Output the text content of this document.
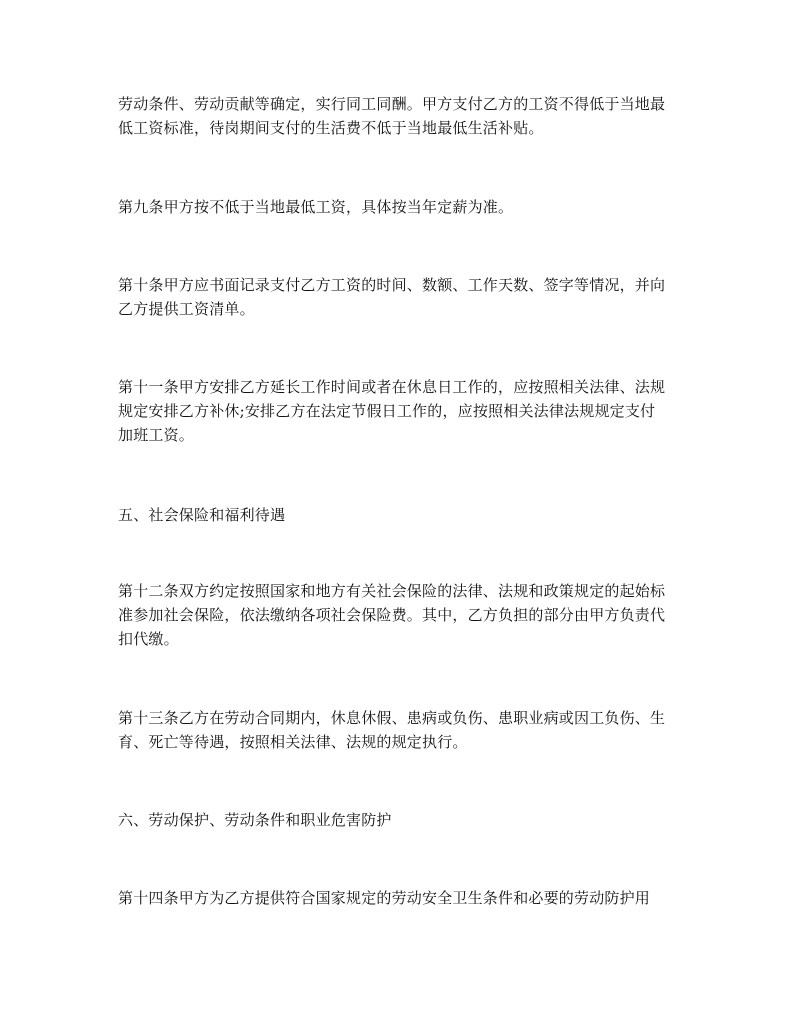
劳动条件、劳动贡献等确定，实行同工同酬。甲方支付乙方的工资不得低于当地最
低工资标准，待岗期间支付的生活费不低于当地最低生活补贴。

第九条甲方按不低于当地最低工资，具体按当年定薪为准。

第十条甲方应书面记录支付乙方工资的时间、数额、工作天数、签字等情况，并向
乙方提供工资清单。

第十一条甲方安排乙方延长工作时间或者在休息日工作的，应按照相关法律、法规
规定安排乙方补休;安排乙方在法定节假日工作的，应按照相关法律法规规定支付
加班工资。

五、社会保险和福利待遇

第十二条双方约定按照国家和地方有关社会保险的法律、法规和政策规定的起始标
准参加社会保险，依法缴纳各项社会保险费。其中，乙方负担的部分由甲方负责代
扣代缴。

第十三条乙方在劳动合同期内，休息休假、患病或负伤、患职业病或因工负伤、生
育、死亡等待遇，按照相关法律、法规的规定执行。

六、劳动保护、劳动条件和职业危害防护

第十四条甲方为乙方提供符合国家规定的劳动安全卫生条件和必要的劳动防护用
